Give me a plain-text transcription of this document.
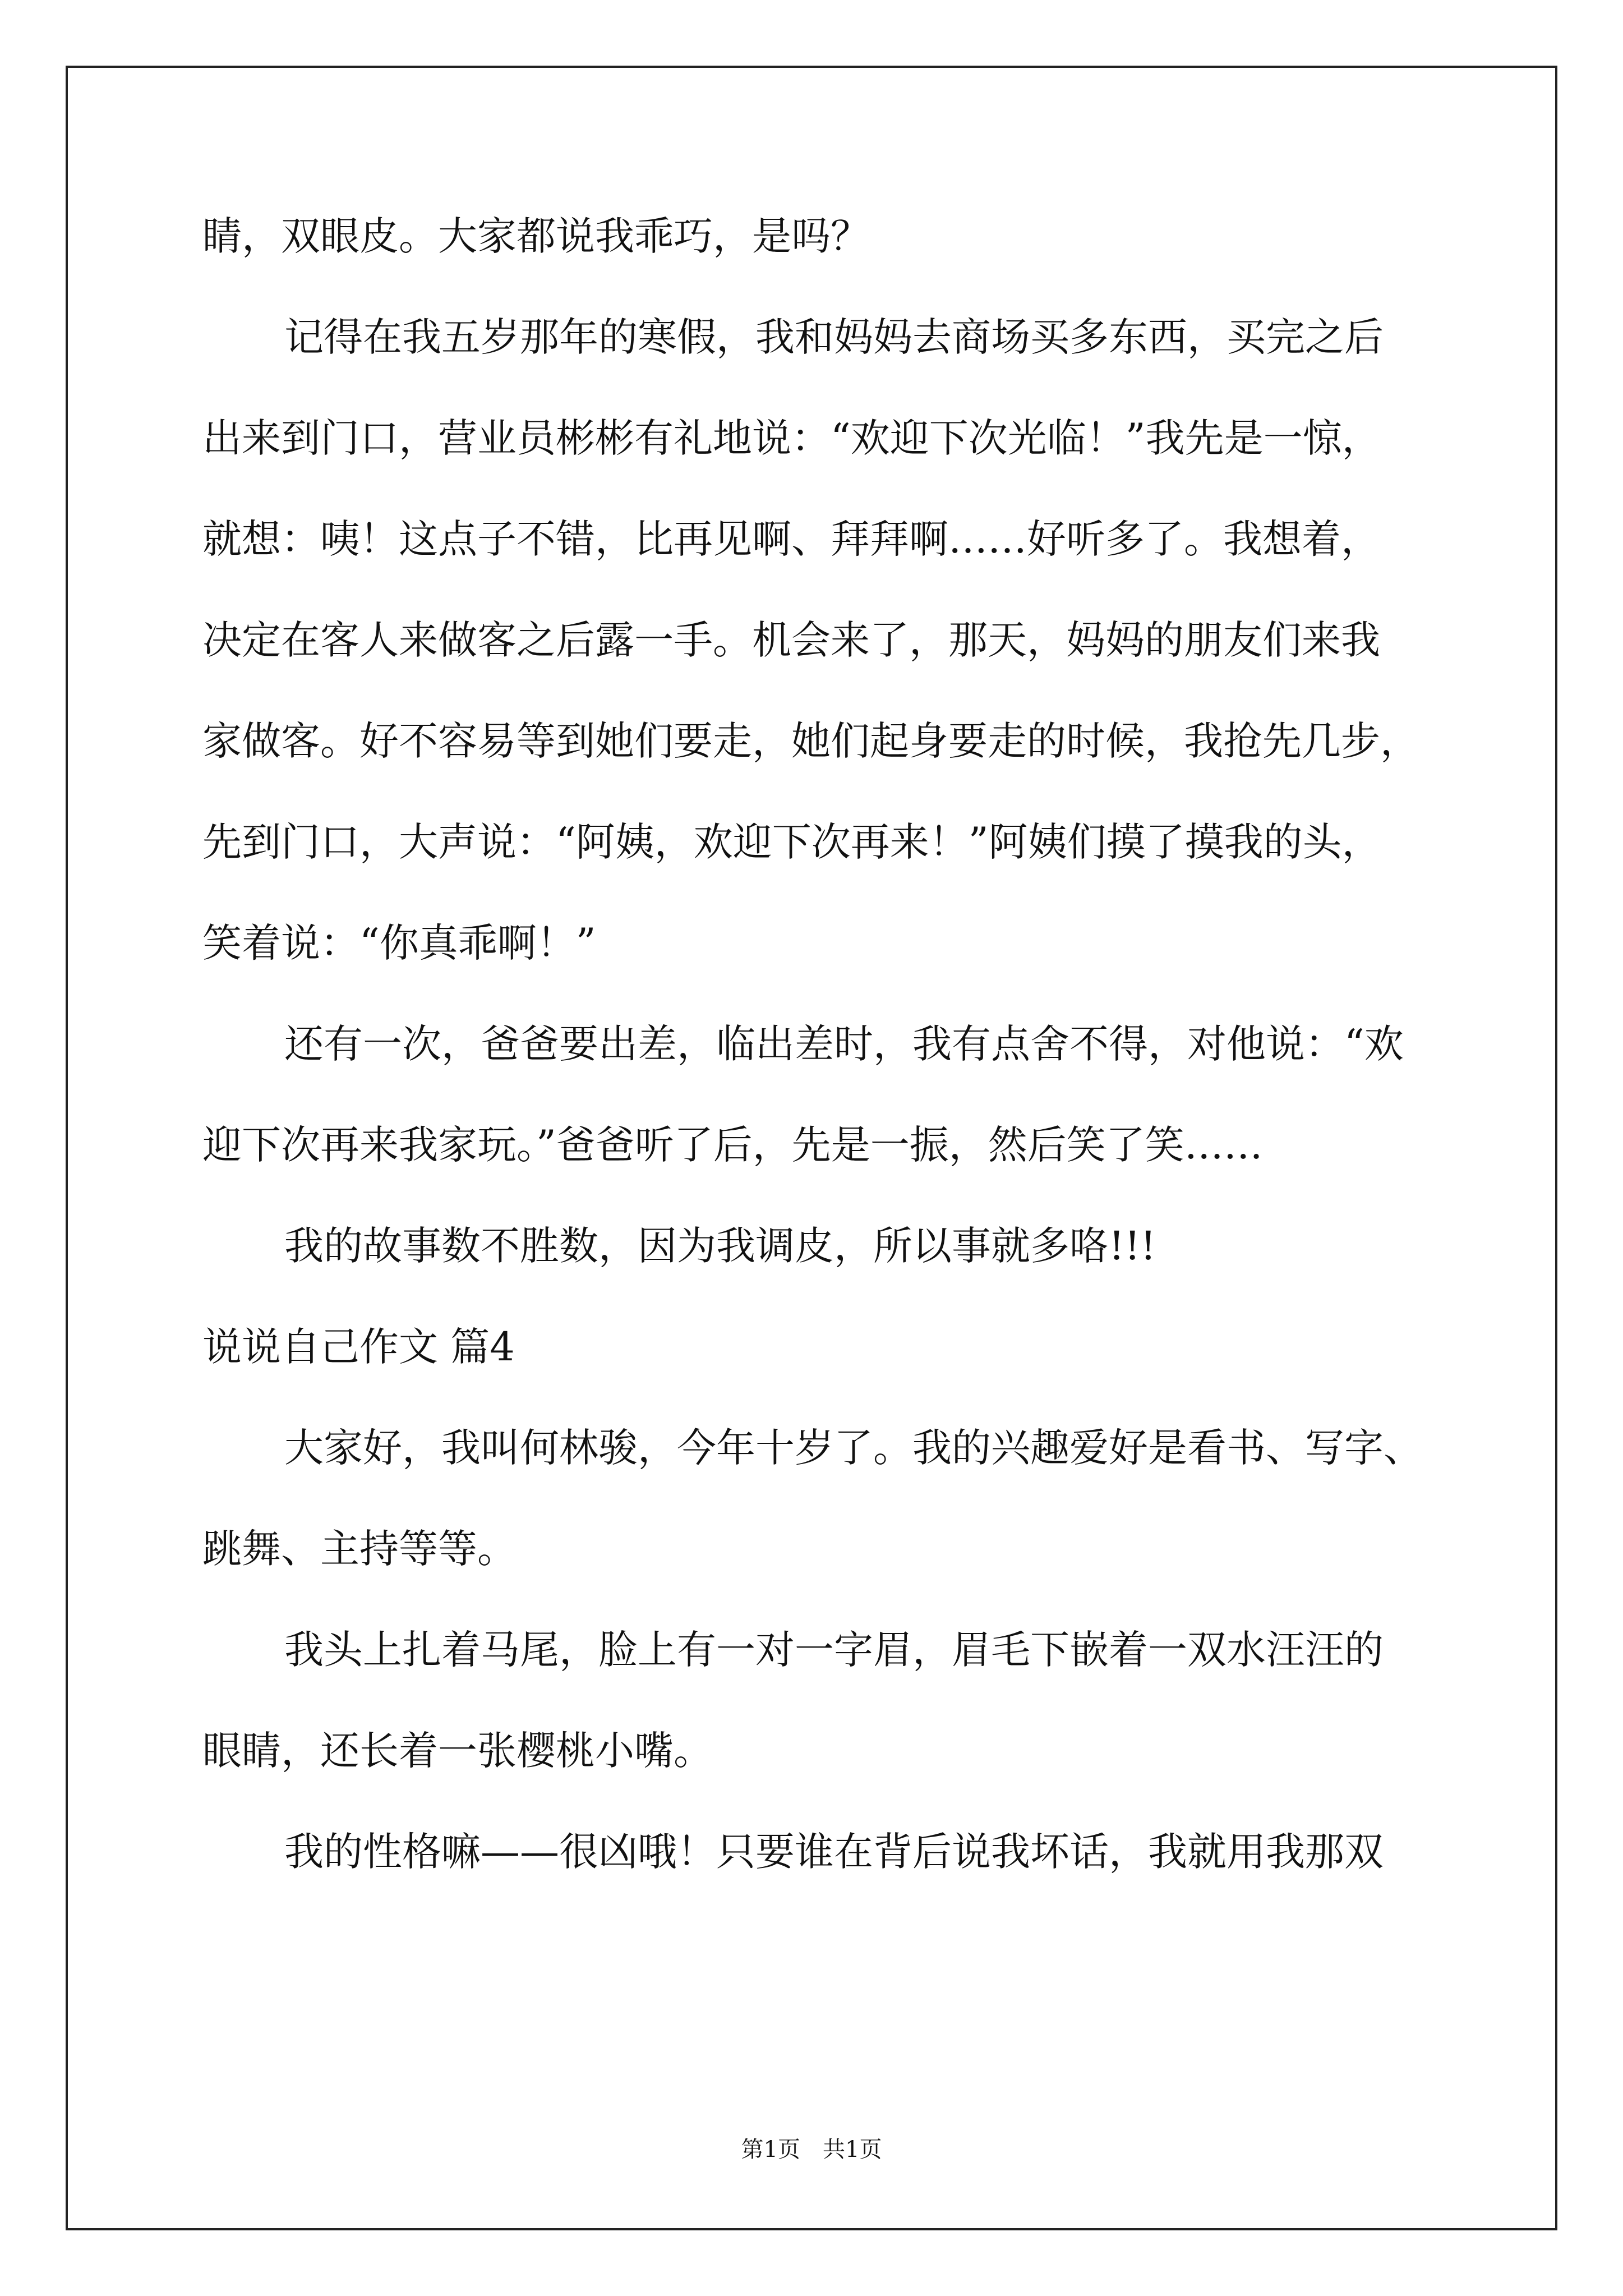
睛，双眼皮。大家都说我乖巧，是吗？

记得在我五岁那年的寒假，我和妈妈去商场买多东西，买完之后

出来到门口，营业员彬彬有礼地说：“欢迎下次光临！”我先是一惊，

就想：咦！这点子不错，比再见啊、拜拜啊……好听多了。我想着，

决定在客人来做客之后露一手。机会来了，那天，妈妈的朋友们来我

家做客。好不容易等到她们要走，她们起身要走的时候，我抢先几步，

先到门口，大声说：“阿姨，欢迎下次再来！”阿姨们摸了摸我的头，

笑着说：“你真乖啊！”

还有一次，爸爸要出差，临出差时，我有点舍不得，对他说：“欢

迎下次再来我家玩。”爸爸听了后，先是一振，然后笑了笑……

我的故事数不胜数，因为我调皮，所以事就多咯!!!

说说自己作文 篇4

大家好，我叫何林骏，今年十岁了。我的兴趣爱好是看书、写字、

跳舞、主持等等。

我头上扎着马尾，脸上有一对一字眉，眉毛下嵌着一双水汪汪的

眼睛，还长着一张樱桃小嘴。

我的性格嘛——很凶哦！只要谁在背后说我坏话，我就用我那双

第1页　共1页
